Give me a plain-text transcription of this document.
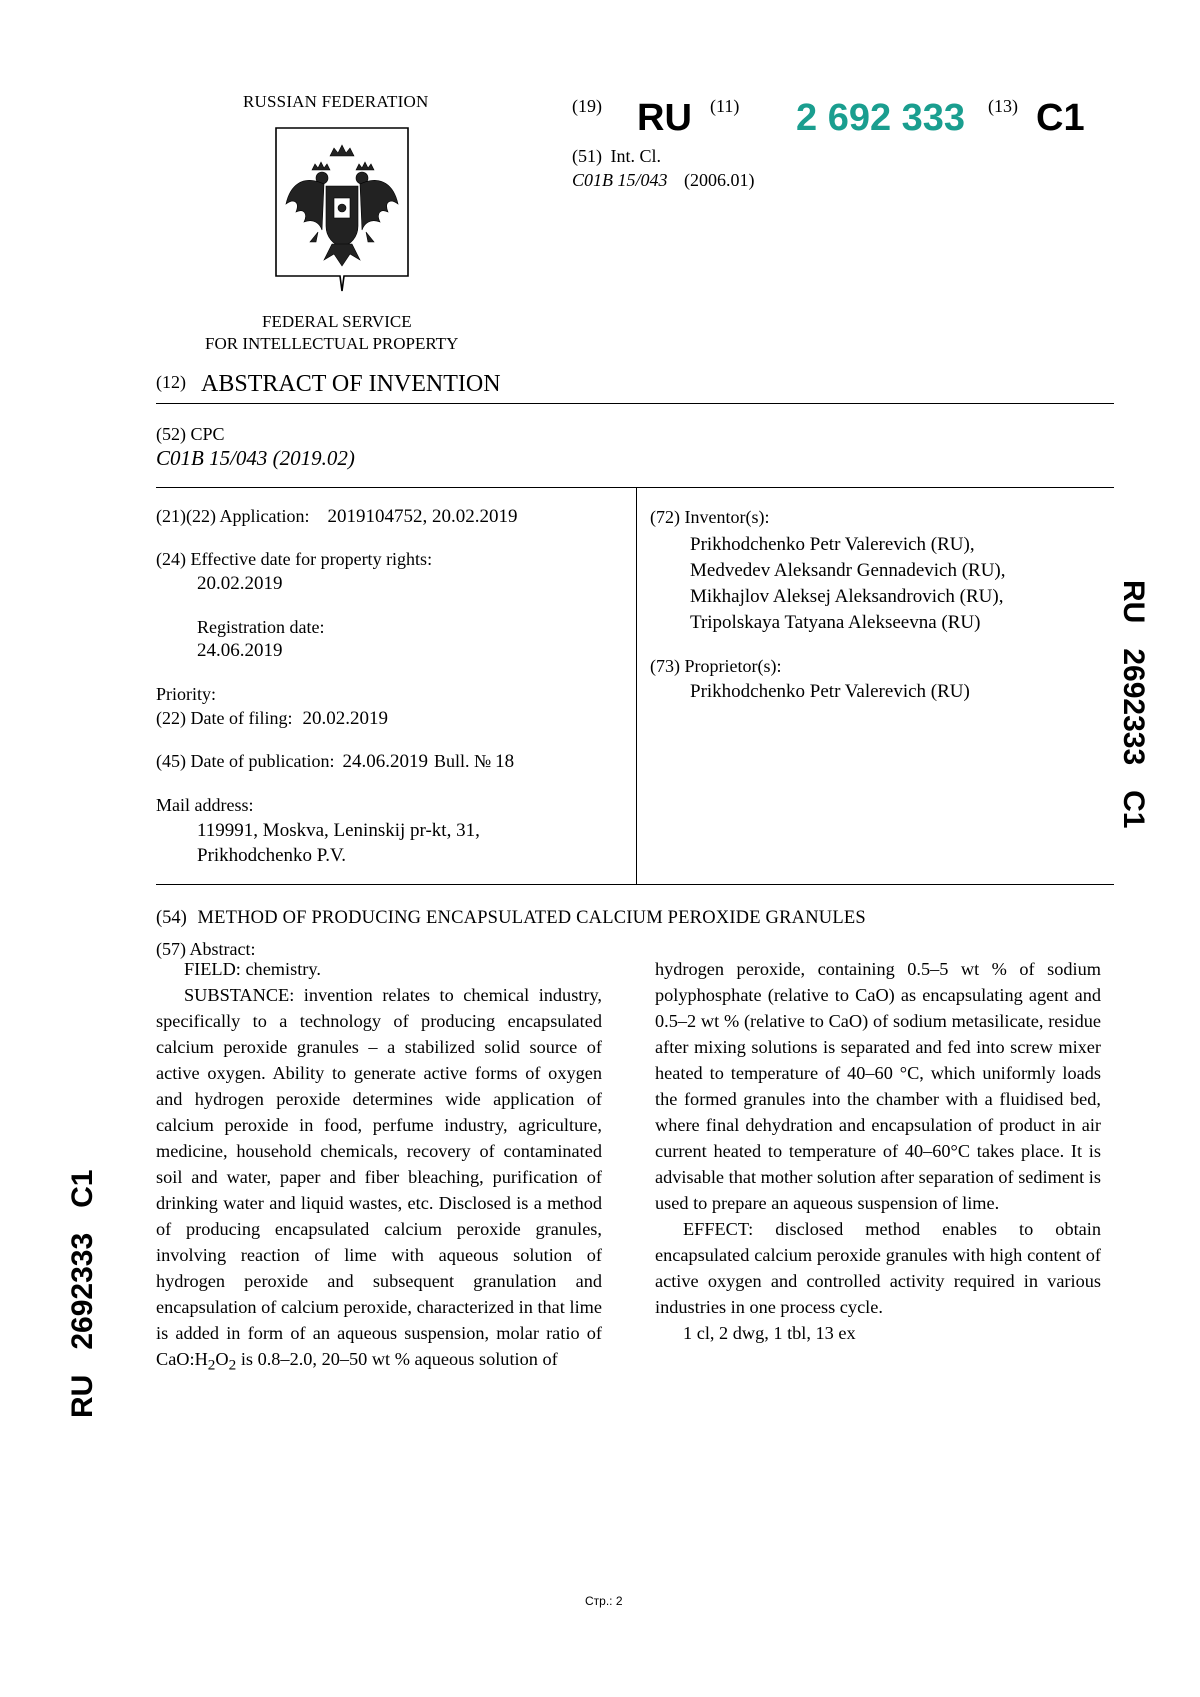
RUSSIAN FEDERATION
FEDERAL SERVICE
FOR INTELLECTUAL PROPERTY
(19) RU (11) 2 692 333 (13) C1
(51) Int. Cl.
C01B 15/043 (2006.01)
(12) ABSTRACT OF INVENTION
(52) CPC
C01B 15/043 (2019.02)
(21)(22) Application: 2019104752, 20.02.2019
(24) Effective date for property rights:
20.02.2019
Registration date:
24.06.2019
Priority:
(22) Date of filing: 20.02.2019
(45) Date of publication: 24.06.2019 Bull. № 18
Mail address:
119991, Moskva, Leninskij pr-kt, 31,
Prikhodchenko P.V.
(72) Inventor(s):
Prikhodchenko Petr Valerevich (RU),
Medvedev Aleksandr Gennadevich (RU),
Mikhajlov Aleksej Aleksandrovich (RU),
Tripolskaya Tatyana Alekseevna (RU)
(73) Proprietor(s):
Prikhodchenko Petr Valerevich (RU)
(54) METHOD OF PRODUCING ENCAPSULATED CALCIUM PEROXIDE GRANULES
(57) Abstract:

FIELD: chemistry.

SUBSTANCE: invention relates to chemical industry, specifically to a technology of producing encapsulated calcium peroxide granules – a stabilized solid source of active oxygen. Ability to generate active forms of oxygen and hydrogen peroxide determines wide application of calcium peroxide in food, perfume industry, agriculture, medicine, household chemicals, recovery of contaminated soil and water, paper and fiber bleaching, purification of drinking water and liquid wastes, etc. Disclosed is a method of producing encapsulated calcium peroxide granules, involving reaction of lime with aqueous solution of hydrogen peroxide and subsequent granulation and encapsulation of calcium peroxide, characterized in that lime is added in form of an aqueous suspension, molar ratio of $CaO:H_2O_2$ is 0.8–2.0, 20–50 wt % aqueous solution of

hydrogen peroxide, containing 0.5–5 wt % of sodium polyphosphate (relative to CaO) as encapsulating agent and 0.5–2 wt % (relative to CaO) of sodium metasilicate, residue after mixing solutions is separated and fed into screw mixer heated to temperature of 40–60 °C, which uniformly loads the formed granules into the chamber with a fluidised bed, where final dehydration and encapsulation of product in air current heated to temperature of 40–60°C takes place. It is advisable that mother solution after separation of sediment is used to prepare an aqueous suspension of lime.

EFFECT: disclosed method enables to obtain encapsulated calcium peroxide granules with high content of active oxygen and controlled activity required in various industries in one process cycle.

1 cl, 2 dwg, 1 tbl, 13 ex

RU   2692333   C1
RU   2692333   C1
Стр.: 2
